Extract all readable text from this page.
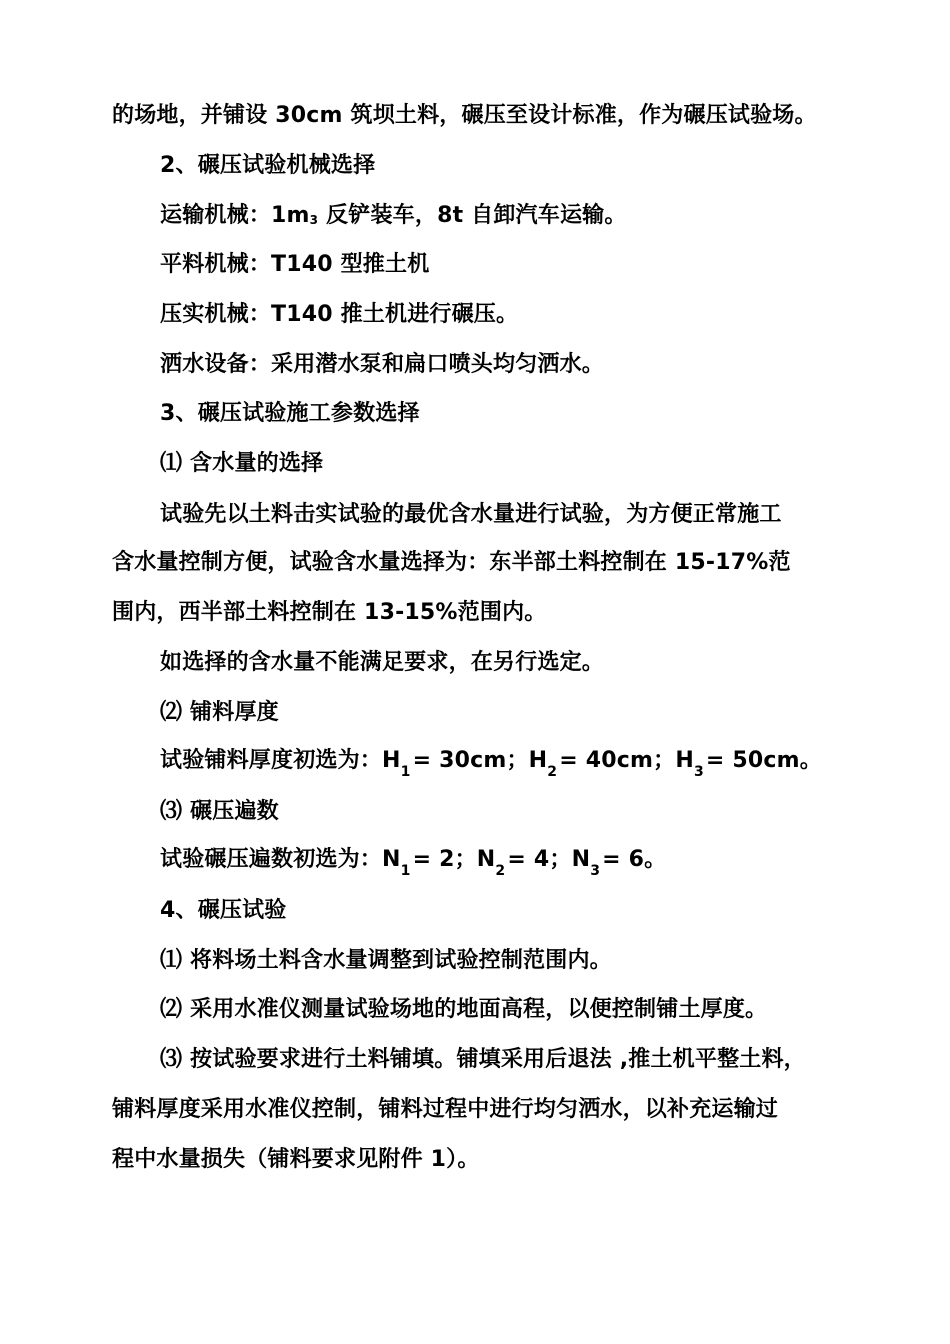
的场地，并铺设 30cm 筑坝土料，碾压至设计标准，作为碾压试验场。
2、碾压试验机械选择
运输机械：1m3 反铲装车，8t 自卸汽车运输。
平料机械：T140 型推土机
压实机械：T140 推土机进行碾压。
洒水设备：采用潜水泵和扁口喷头均匀洒水。
3、碾压试验施工参数选择
⑴ 含水量的选择
试验先以土料击实试验的最优含水量进行试验，为方便正常施工
含水量控制方便，试验含水量选择为：东半部土料控制在 15-17%范
围内，西半部土料控制在 13-15%范围内。
如选择的含水量不能满足要求，在另行选定。
⑵ 铺料厚度
试验铺料厚度初选为：$H_1= 30cm$；$H_2= 40cm$；$H_3= 50cm$。
⑶ 碾压遍数
试验碾压遍数初选为：$N_1= 2$；$N_2= 4$；$N_3= 6$。
4、碾压试验
⑴ 将料场土料含水量调整到试验控制范围内。
⑵ 采用水准仪测量试验场地的地面高程，以便控制铺土厚度。
⑶ 按试验要求进行土料铺填。铺填采用后退法 ,推土机平整土料，
铺料厚度采用水准仪控制，铺料过程中进行均匀洒水，以补充运输过
程中水量损失（铺料要求见附件 1）。
